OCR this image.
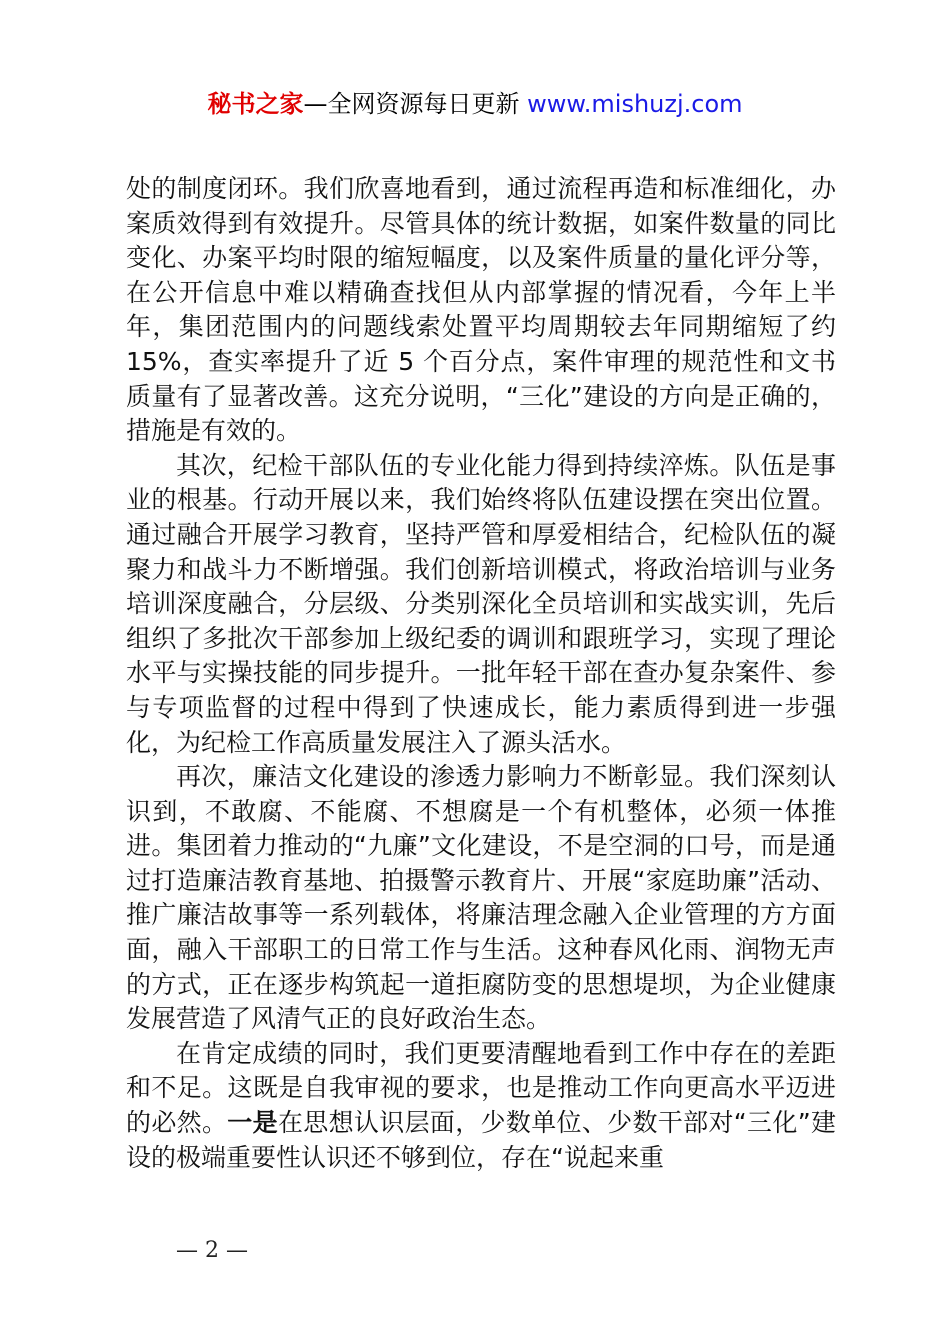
秘书之家—全网资源每日更新 www.mishuzj.com

处的制度闭环。我们欣喜地看到，通过流程再造和标准细化，办案质效得到有效提升。尽管具体的统计数据，如案件数量的同比变化、办案平均时限的缩短幅度，以及案件质量的量化评分等，在公开信息中难以精确查找但从内部掌握的情况看，今年上半年，集团范围内的问题线索处置平均周期较去年同期缩短了约 15%，查实率提升了近 5 个百分点，案件审理的规范性和文书质量有了显著改善。这充分说明，“三化”建设的方向是正确的，措施是有效的。

其次，纪检干部队伍的专业化能力得到持续淬炼。队伍是事业的根基。行动开展以来，我们始终将队伍建设摆在突出位置。通过融合开展学习教育，坚持严管和厚爱相结合，纪检队伍的凝聚力和战斗力不断增强。我们创新培训模式，将政治培训与业务培训深度融合，分层级、分类别深化全员培训和实战实训，先后组织了多批次干部参加上级纪委的调训和跟班学习，实现了理论水平与实操技能的同步提升。一批年轻干部在查办复杂案件、参与专项监督的过程中得到了快速成长，能力素质得到进一步强化，为纪检工作高质量发展注入了源头活水。

再次，廉洁文化建设的渗透力影响力不断彰显。我们深刻认识到，不敢腐、不能腐、不想腐是一个有机整体，必须一体推进。集团着力推动的“九廉”文化建设，不是空洞的口号，而是通过打造廉洁教育基地、拍摄警示教育片、开展“家庭助廉”活动、推广廉洁故事等一系列载体，将廉洁理念融入企业管理的方方面面，融入干部职工的日常工作与生活。这种春风化雨、润物无声的方式，正在逐步构筑起一道拒腐防变的思想堤坝，为企业健康发展营造了风清气正的良好政治生态。

在肯定成绩的同时，我们更要清醒地看到工作中存在的差距和不足。这既是自我审视的要求，也是推动工作向更高水平迈进的必然。一是在思想认识层面，少数单位、少数干部对“三化”建设的极端重要性认识还不够到位，存在“说起来重

— 2 —
